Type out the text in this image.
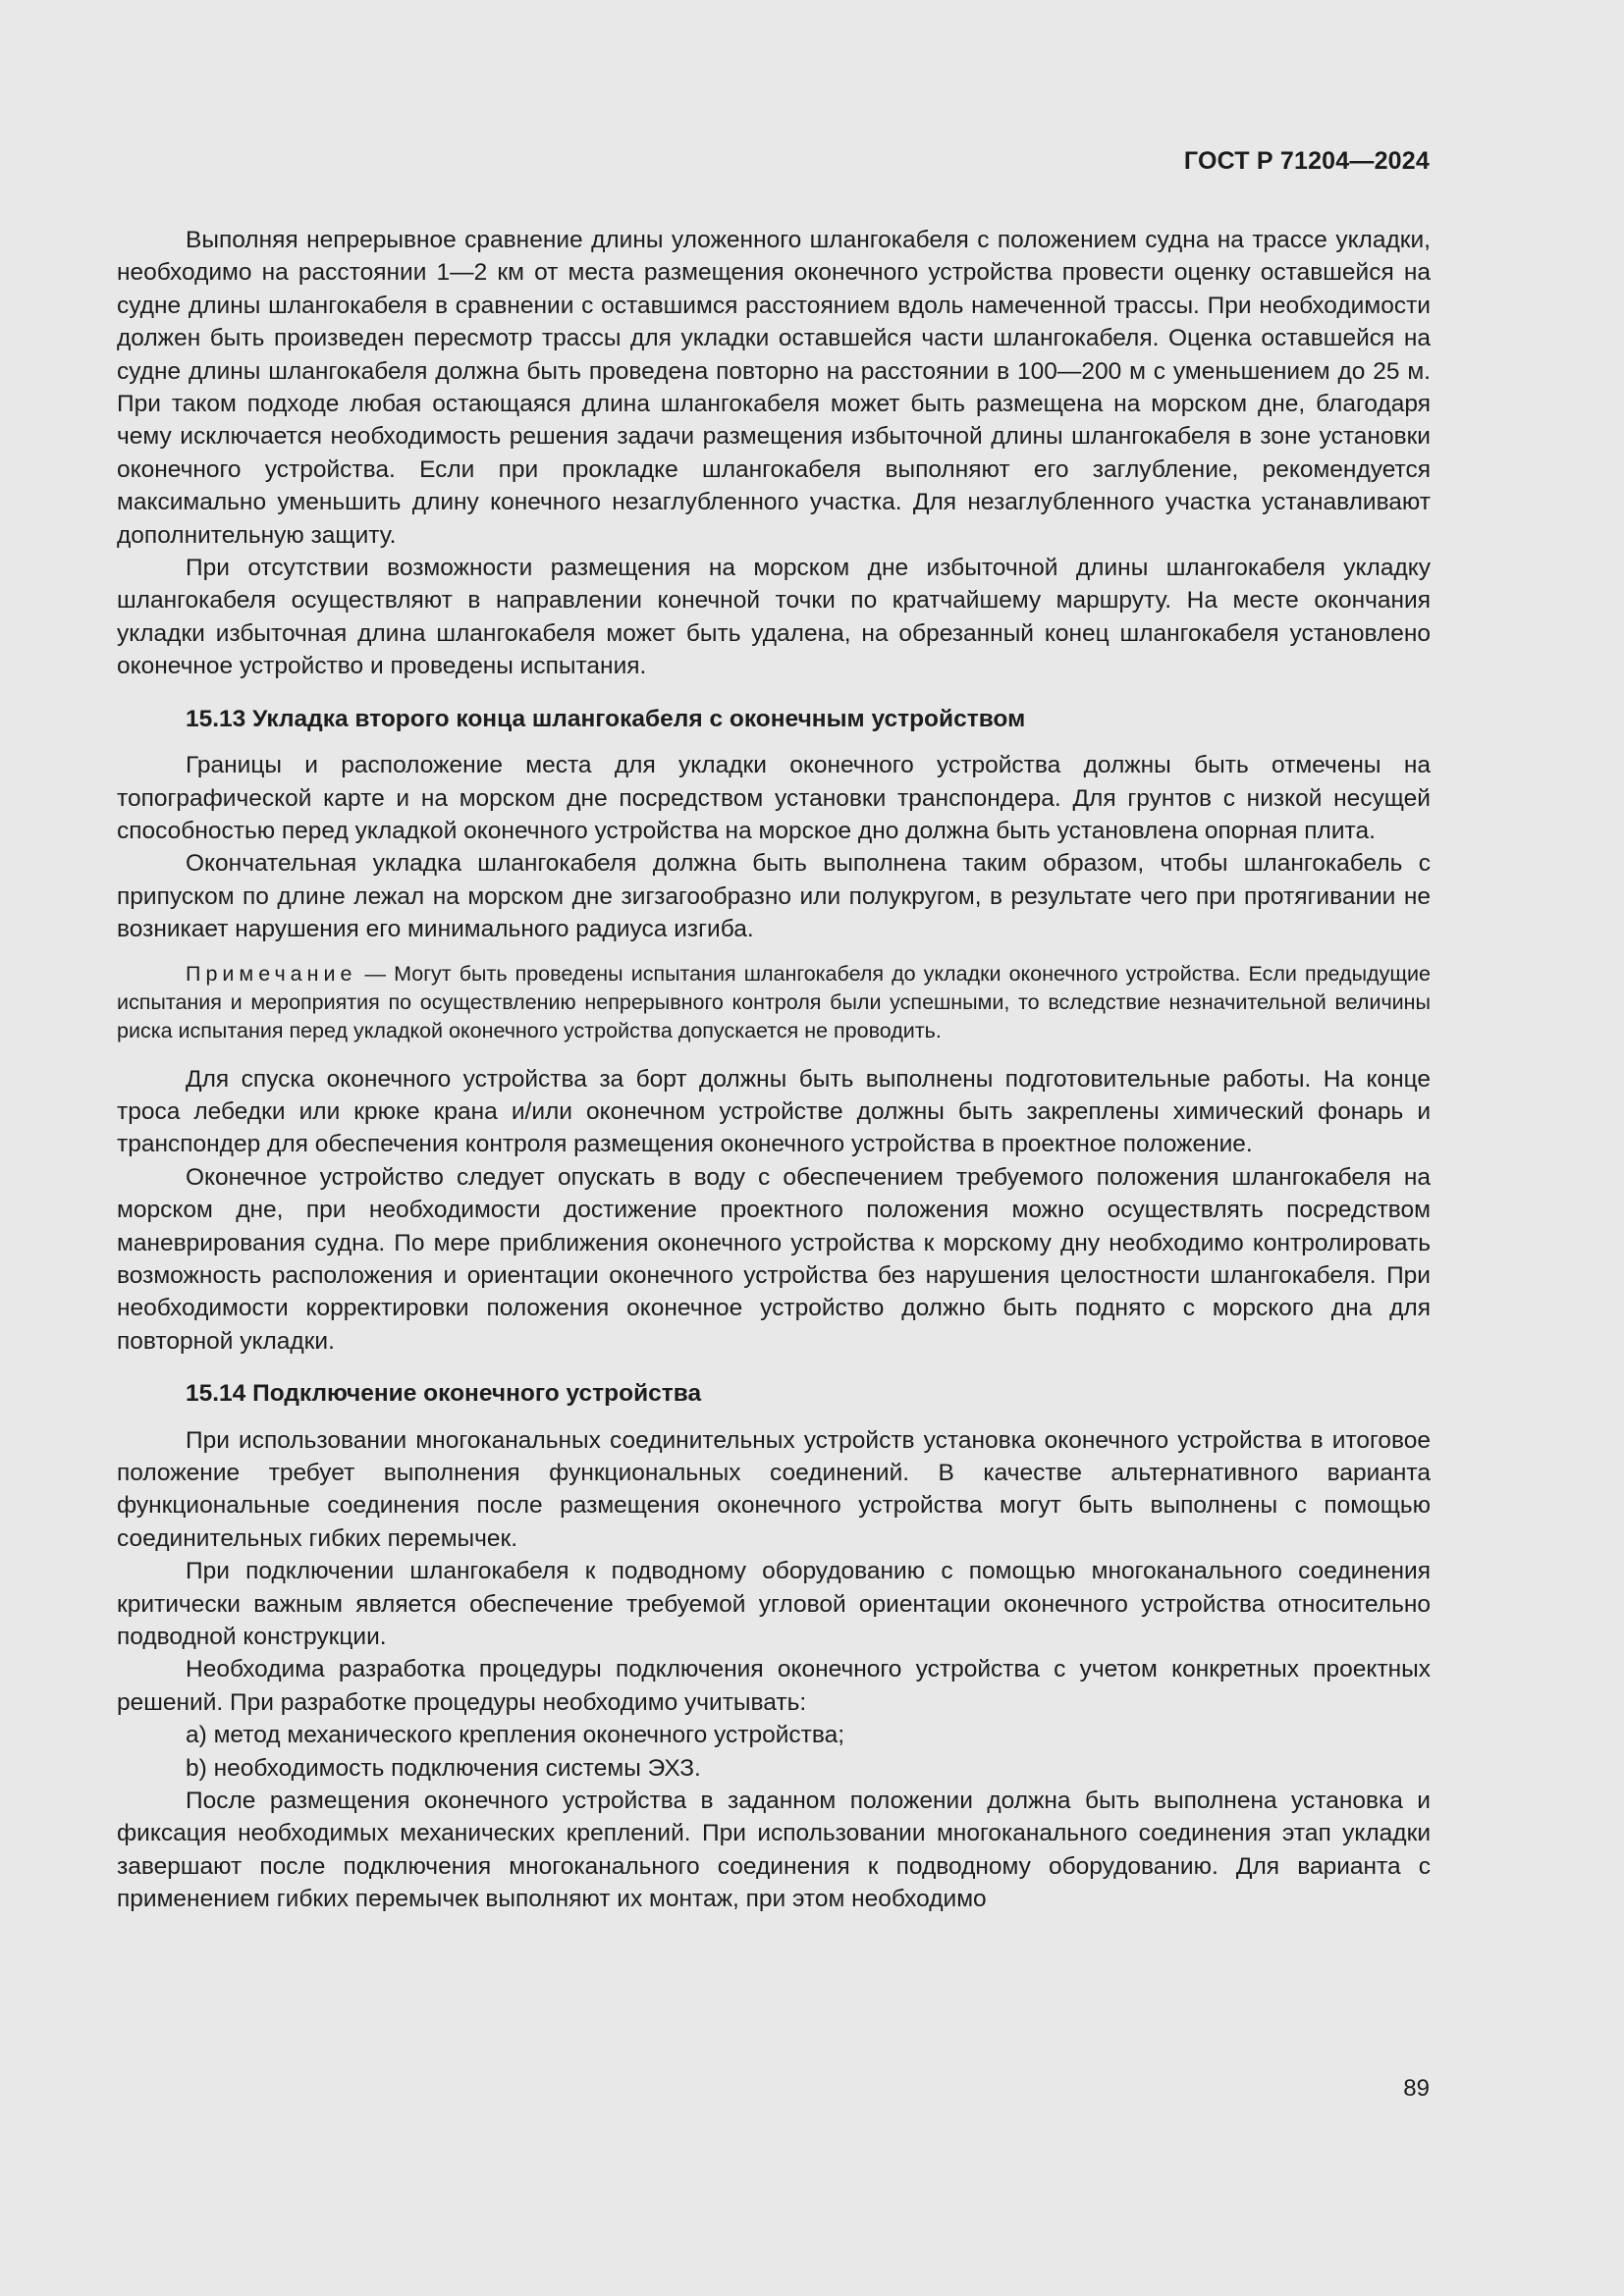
ГОСТ Р 71204—2024

Выполняя непрерывное сравнение длины уложенного шлангокабеля с положением судна на трассе укладки, необходимо на расстоянии 1—2 км от места размещения оконечного устройства провести оценку оставшейся на судне длины шлангокабеля в сравнении с оставшимся расстоянием вдоль намеченной трассы. При необходимости должен быть произведен пересмотр трассы для укладки оставшейся части шлангокабеля. Оценка оставшейся на судне длины шлангокабеля должна быть проведена повторно на расстоянии в 100—200 м с уменьшением до 25 м. При таком подходе любая остающаяся длина шлангокабеля может быть размещена на морском дне, благодаря чему исключается необходимость решения задачи размещения избыточной длины шлангокабеля в зоне установки оконечного устройства. Если при прокладке шлангокабеля выполняют его заглубление, рекомендуется максимально уменьшить длину конечного незаглубленного участка. Для незаглубленного участка устанавливают дополнительную защиту.

При отсутствии возможности размещения на морском дне избыточной длины шлангокабеля укладку шлангокабеля осуществляют в направлении конечной точки по кратчайшему маршруту. На месте окончания укладки избыточная длина шлангокабеля может быть удалена, на обрезанный конец шлангокабеля установлено оконечное устройство и проведены испытания.

15.13 Укладка второго конца шлангокабеля с оконечным устройством

Границы и расположение места для укладки оконечного устройства должны быть отмечены на топографической карте и на морском дне посредством установки транспондера. Для грунтов с низкой несущей способностью перед укладкой оконечного устройства на морское дно должна быть установлена опорная плита.

Окончательная укладка шлангокабеля должна быть выполнена таким образом, чтобы шлангокабель с припуском по длине лежал на морском дне зигзагообразно или полукругом, в результате чего при протягивании не возникает нарушения его минимального радиуса изгиба.

Примечание — Могут быть проведены испытания шлангокабеля до укладки оконечного устройства. Если предыдущие испытания и мероприятия по осуществлению непрерывного контроля были успешными, то вследствие незначительной величины риска испытания перед укладкой оконечного устройства допускается не проводить.

Для спуска оконечного устройства за борт должны быть выполнены подготовительные работы. На конце троса лебедки или крюке крана и/или оконечном устройстве должны быть закреплены химический фонарь и транспондер для обеспечения контроля размещения оконечного устройства в проектное положение.

Оконечное устройство следует опускать в воду с обеспечением требуемого положения шлангокабеля на морском дне, при необходимости достижение проектного положения можно осуществлять посредством маневрирования судна. По мере приближения оконечного устройства к морскому дну необходимо контролировать возможность расположения и ориентации оконечного устройства без нарушения целостности шлангокабеля. При необходимости корректировки положения оконечное устройство должно быть поднято с морского дна для повторной укладки.

15.14 Подключение оконечного устройства

При использовании многоканальных соединительных устройств установка оконечного устройства в итоговое положение требует выполнения функциональных соединений. В качестве альтернативного варианта функциональные соединения после размещения оконечного устройства могут быть выполнены с помощью соединительных гибких перемычек.

При подключении шлангокабеля к подводному оборудованию с помощью многоканального соединения критически важным является обеспечение требуемой угловой ориентации оконечного устройства относительно подводной конструкции.

Необходима разработка процедуры подключения оконечного устройства с учетом конкретных проектных решений. При разработке процедуры необходимо учитывать:

а) метод механического крепления оконечного устройства;

b) необходимость подключения системы ЭХЗ.

После размещения оконечного устройства в заданном положении должна быть выполнена установка и фиксация необходимых механических креплений. При использовании многоканального соединения этап укладки завершают после подключения многоканального соединения к подводному оборудованию. Для варианта с применением гибких перемычек выполняют их монтаж, при этом необходимо

89
